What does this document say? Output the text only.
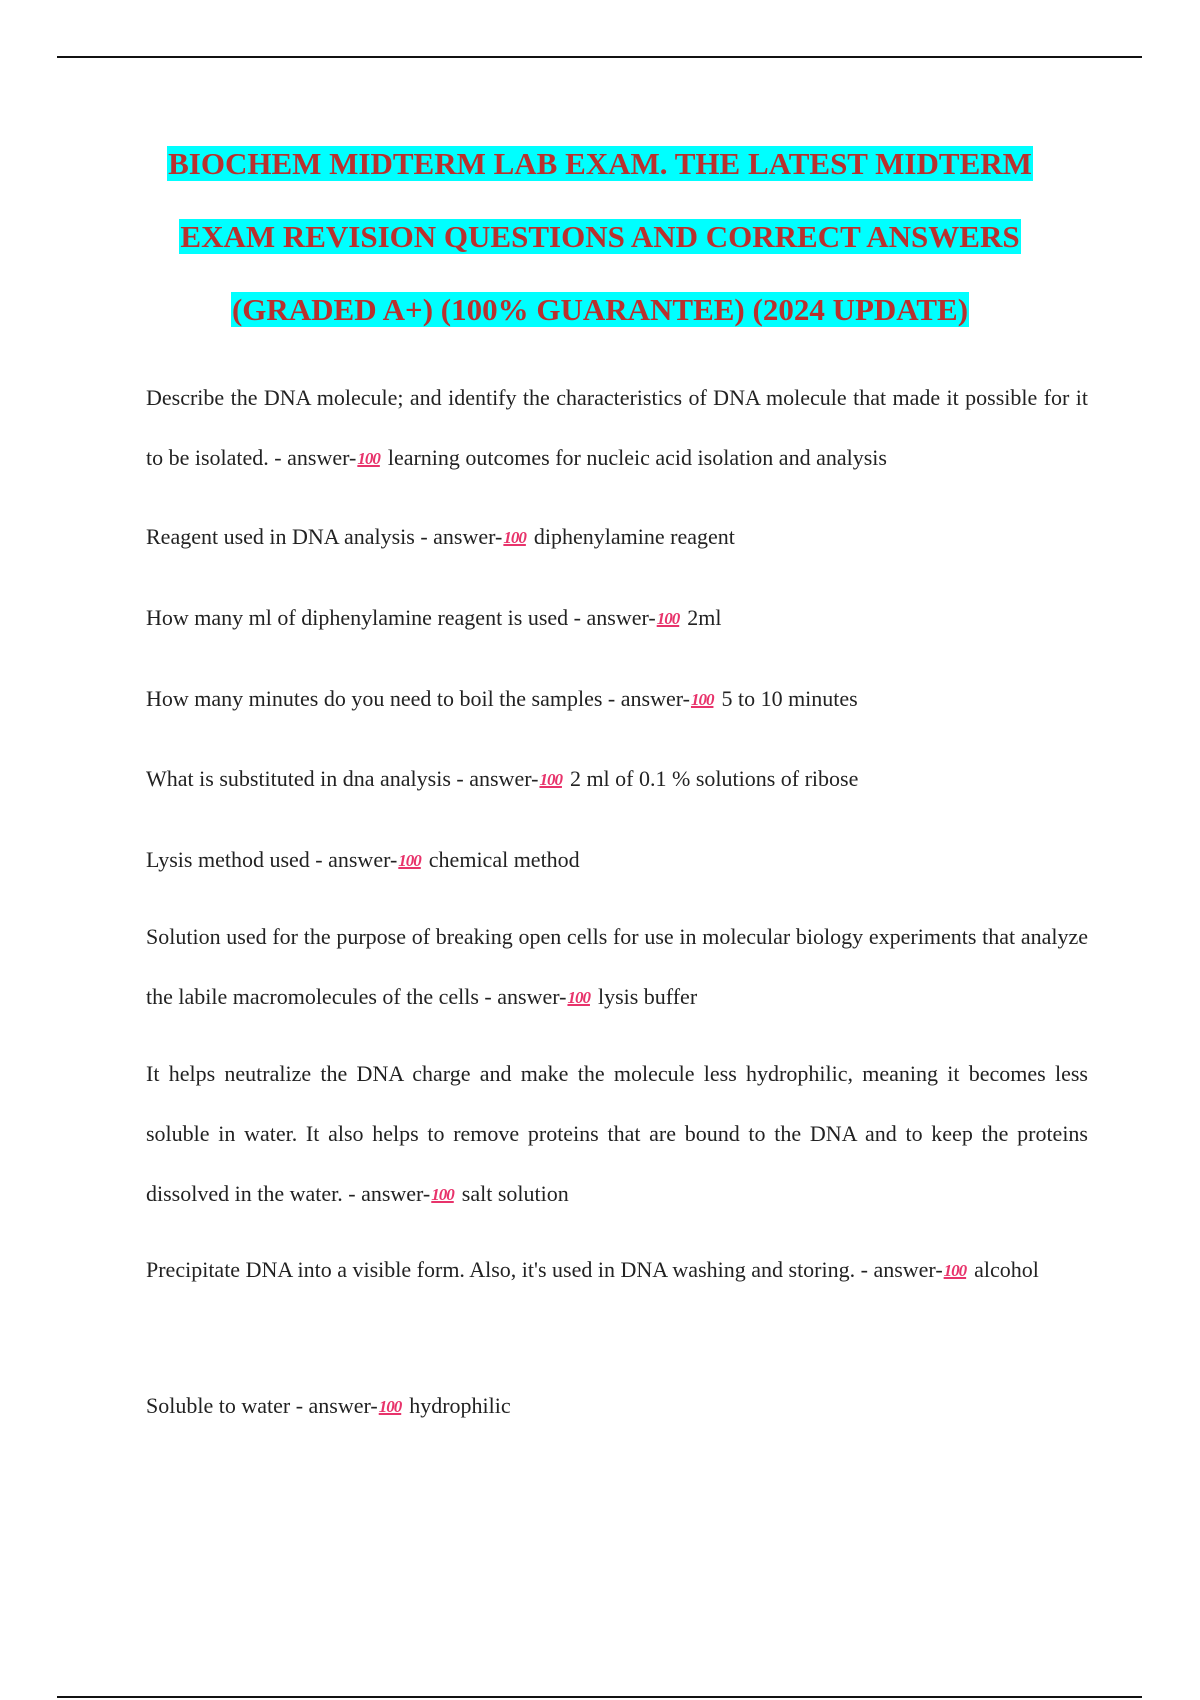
BIOCHEM MIDTERM LAB EXAM. THE LATEST MIDTERM
EXAM REVISION QUESTIONS AND CORRECT ANSWERS
(GRADED A+) (100% GUARANTEE) (2024 UPDATE)
Describe the DNA molecule; and identify the characteristics of DNA molecule that made it possible for it to be isolated. - answer-100 learning outcomes for nucleic acid isolation and analysis
Reagent used in DNA analysis - answer-100 diphenylamine reagent
How many ml of diphenylamine reagent is used - answer-100 2ml
How many minutes do you need to boil the samples - answer-100 5 to 10 minutes
What is substituted in dna analysis - answer-100 2 ml of 0.1 % solutions of ribose
Lysis method used - answer-100 chemical method
Solution used for the purpose of breaking open cells for use in molecular biology experiments that analyze the labile macromolecules of the cells - answer-100 lysis buffer
It helps neutralize the DNA charge and make the molecule less hydrophilic, meaning it becomes less soluble in water. It also helps to remove proteins that are bound to the DNA and to keep the proteins dissolved in the water. - answer-100 salt solution
Precipitate DNA into a visible form. Also, it's used in DNA washing and storing. - answer-100 alcohol
Soluble to water - answer-100 hydrophilic
